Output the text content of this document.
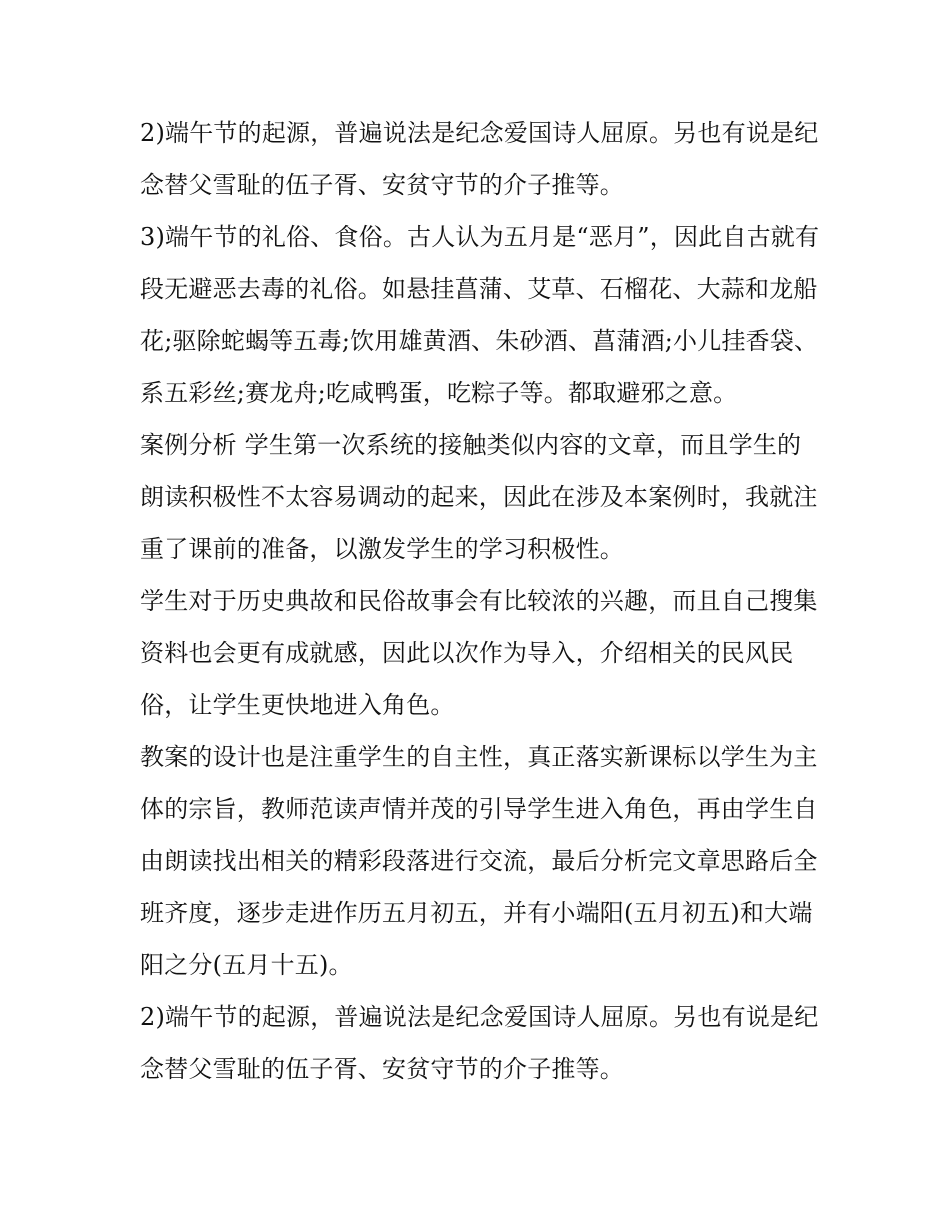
2)端午节的起源，普遍说法是纪念爱国诗人屈原。另也有说是纪念替父雪耻的伍子胥、安贫守节的介子推等。

3)端午节的礼俗、食俗。古人认为五月是“恶月”，因此自古就有段无避恶去毒的礼俗。如悬挂菖蒲、艾草、石榴花、大蒜和龙船花;驱除蛇蝎等五毒;饮用雄黄酒、朱砂酒、菖蒲酒;小儿挂香袋、系五彩丝;赛龙舟;吃咸鸭蛋，吃粽子等。都取避邪之意。

案例分析 学生第一次系统的接触类似内容的文章，而且学生的朗读积极性不太容易调动的起来，因此在涉及本案例时，我就注重了课前的准备，以激发学生的学习积极性。

学生对于历史典故和民俗故事会有比较浓的兴趣，而且自己搜集资料也会更有成就感，因此以次作为导入，介绍相关的民风民俗，让学生更快地进入角色。

教案的设计也是注重学生的自主性，真正落实新课标以学生为主体的宗旨，教师范读声情并茂的引导学生进入角色，再由学生自由朗读找出相关的精彩段落进行交流，最后分析完文章思路后全班齐度，逐步走进作历五月初五，并有小端阳(五月初五)和大端阳之分(五月十五)。

2)端午节的起源，普遍说法是纪念爱国诗人屈原。另也有说是纪念替父雪耻的伍子胥、安贫守节的介子推等。
